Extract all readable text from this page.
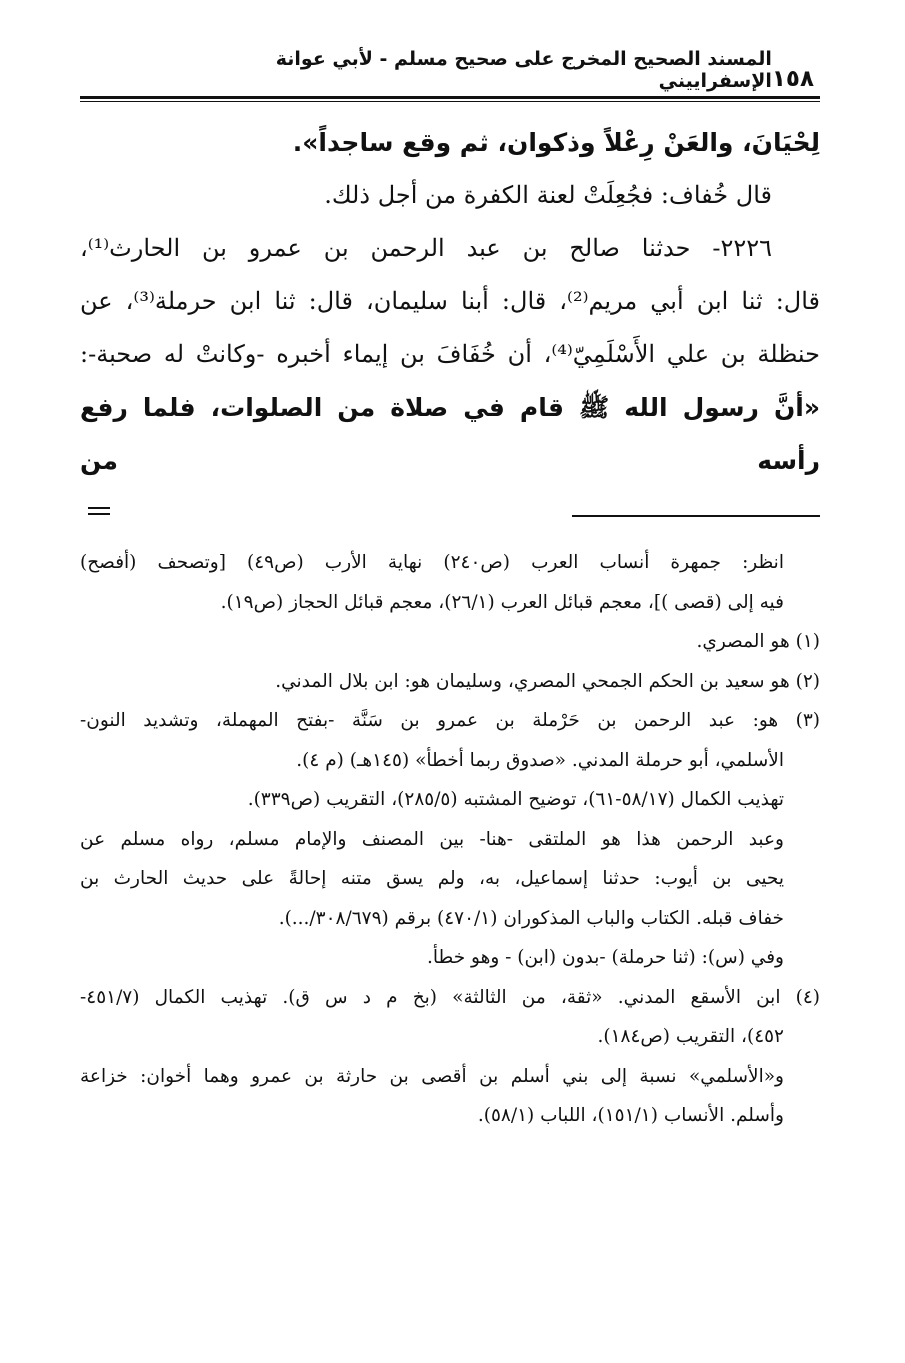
١٥٨
المسند الصحيح المخرج على صحيح مسلم - لأبي عوانة الإسفراييني

لِحْيَانَ، والعَنْ رِعْلاً وذكوان، ثم وقع ساجداً».

قال خُفاف: فجُعِلَتْ لعنة الكفرة من أجل ذلك.

٢٢٢٦- حدثنا صالح بن عبد الرحمن بن عمرو بن الحارث⁽¹⁾،

قال: ثنا ابن أبي مريم⁽²⁾، قال: أبنا سليمان، قال: ثنا ابن حرملة⁽³⁾، عن

حنظلة بن علي الأَسْلَمِيّ⁽⁴⁾، أن خُفَافَ بن إيماء أخبره -وكانتْ له صحبة-:

«أنَّ رسول الله ﷺ قام في صلاة من الصلوات، فلما رفع رأسه من

انظر: جمهرة أنساب العرب (ص٢٤٠) نهاية الأرب (ص٤٩) [وتصحف (أفصح)

فيه إلى (قصى )]، معجم قبائل العرب (٢٦/١)، معجم قبائل الحجاز (ص١٩).

(١) هو المصري.

(٢) هو سعيد بن الحكم الجمحي المصري، وسليمان هو: ابن بلال المدني.

(٣) هو: عبد الرحمن بن حَرْملة بن عمرو بن سَنَّة -بفتح المهملة، وتشديد النون-

الأسلمي، أبو حرملة المدني. «صدوق ربما أخطأ» (١٤٥هـ) (م ٤).

تهذيب الكمال (٥٨/١٧-٦١)، توضيح المشتبه (٢٨٥/٥)، التقريب (ص٣٣٩).

وعبد الرحمن هذا هو الملتقى -هنا- بين المصنف والإمام مسلم، رواه مسلم عن

يحيى بن أيوب: حدثنا إسماعيل، به، ولم يسق متنه إحالةً على حديث الحارث بن

خفاف قبله. الكتاب والباب المذكوران (٤٧٠/١) برقم (٣٠٨/٦٧٩/...).

وفي (س): (ثنا حرملة) -بدون (ابن) - وهو خطأ.

(٤) ابن الأسقع المدني. «ثقة، من الثالثة» (بخ م د س ق). تهذيب الكمال (٤٥١/٧-

٤٥٢)، التقريب (ص١٨٤).

و«الأسلمي» نسبة إلى بني أسلم بن أقصى بن حارثة بن عمرو وهما أخوان: خزاعة

وأسلم. الأنساب (١٥١/١)، اللباب (٥٨/١).
